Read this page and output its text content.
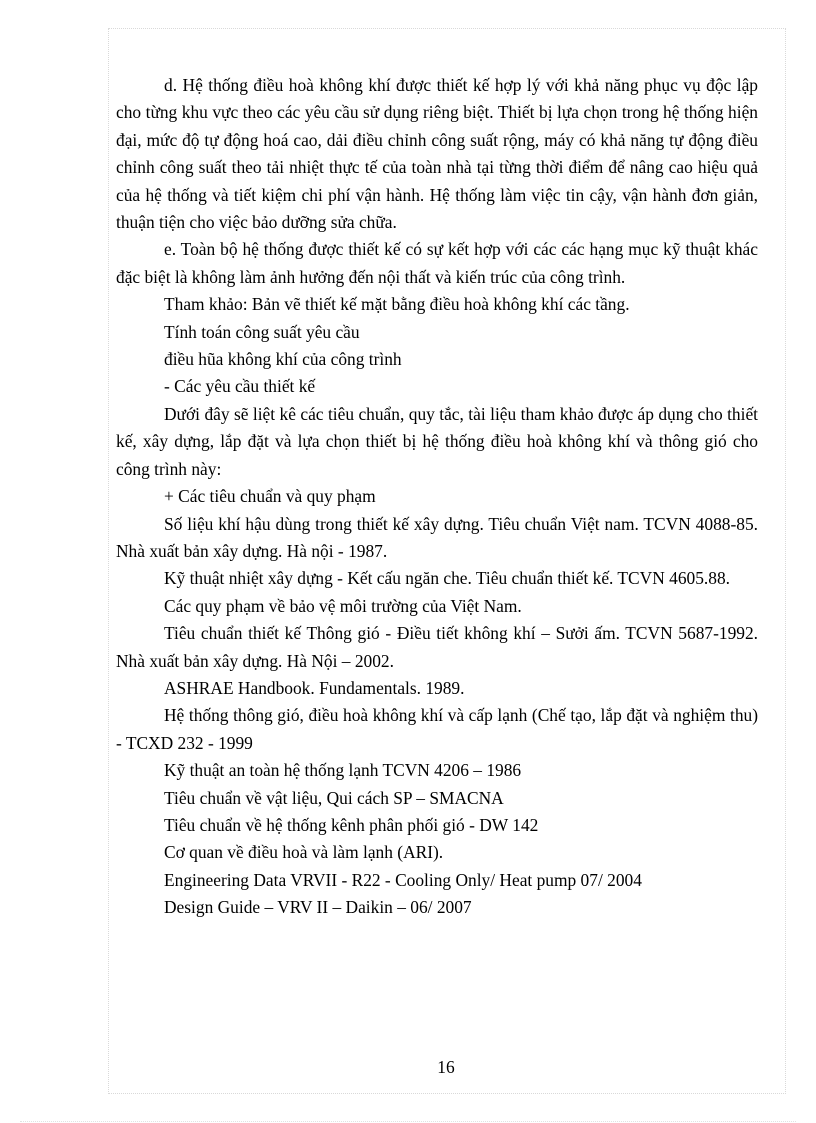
d. Hệ thống điều hoà không khí được thiết kế hợp lý với khả năng phục vụ độc lập cho từng khu vực theo các yêu cầu sử dụng riêng biệt. Thiết bị lựa chọn trong hệ thống hiện đại, mức độ tự động hoá cao, dải điều chỉnh công suất rộng, máy có khả năng tự động điều chỉnh công suất theo tải nhiệt thực tế của toàn nhà tại từng thời điểm để nâng cao hiệu quả của hệ thống và tiết kiệm chi phí vận hành. Hệ thống làm việc tin cậy, vận hành đơn giản, thuận tiện cho việc bảo dưỡng sửa chữa.

e. Toàn bộ hệ thống được thiết kế có sự kết hợp với các các hạng mục kỹ thuật khác đặc biệt là không làm ảnh hưởng đến nội thất và kiến trúc của công trình.

Tham khảo: Bản vẽ thiết kế mặt bằng điều hoà không khí các tầng.

Tính toán công suất yêu cầu

điều hũa không khí của công trình

- Các yêu cầu thiết kế

Dưới đây sẽ liệt kê các tiêu chuẩn, quy tắc, tài liệu tham khảo được áp dụng cho thiết kế, xây dựng, lắp đặt và lựa chọn thiết bị hệ thống điều hoà không khí và thông gió cho công trình này:

+ Các tiêu chuẩn và quy phạm

Số liệu khí hậu dùng trong thiết kế xây dựng. Tiêu chuẩn Việt nam. TCVN 4088-85. Nhà xuất bản xây dựng. Hà nội - 1987.

Kỹ thuật nhiệt xây dựng - Kết cấu ngăn che. Tiêu chuẩn thiết kế. TCVN 4605.88.

Các quy phạm về bảo vệ môi trường của Việt Nam.

Tiêu chuẩn thiết kế Thông gió - Điều tiết không khí – Sưởi ấm. TCVN 5687-1992. Nhà xuất bản xây dựng. Hà Nội – 2002.

ASHRAE Handbook. Fundamentals. 1989.

Hệ thống thông gió, điều hoà không khí và cấp lạnh (Chế tạo, lắp đặt và nghiệm thu) - TCXD 232 - 1999

Kỹ thuật an toàn hệ thống lạnh TCVN 4206 – 1986

Tiêu chuẩn về vật liệu, Qui cách SP – SMACNA

Tiêu chuẩn về hệ thống kênh phân phối gió - DW 142

Cơ quan về điều hoà và làm lạnh (ARI).

Engineering Data VRVII - R22 - Cooling Only/ Heat pump 07/ 2004

Design Guide – VRV II – Daikin – 06/ 2007

16
